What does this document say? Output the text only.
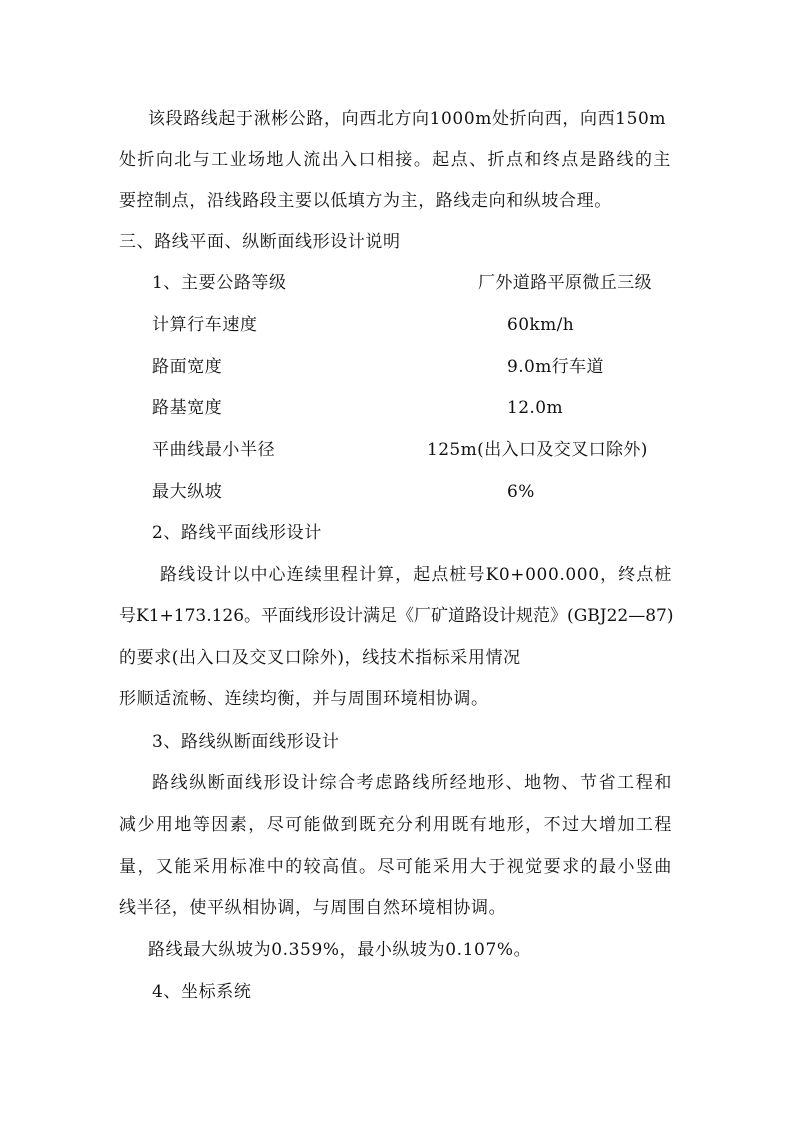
该段路线起于湫彬公路，向西北方向1000m处折向西，向西150m
处折向北与工业场地人流出入口相接。起点、折点和终点是路线的主
要控制点，沿线路段主要以低填方为主，路线走向和纵坡合理。
三、路线平面、纵断面线形设计说明
1、主要公路等级	厂外道路平原微丘三级
计算行车速度	60km/h
路面宽度	9.0m行车道
路基宽度	12.0m
平曲线最小半径	125m(出入口及交叉口除外)
最大纵坡	6%
2、路线平面线形设计
路线设计以中心连续里程计算，起点桩号K0+000.000，终点桩
号K1+173.126。平面线形设计满足《厂矿道路设计规范》(GBJ22—87)
的要求(出入口及交叉口除外)，线技术指标采用情况
形顺适流畅、连续均衡，并与周围环境相协调。
3、路线纵断面线形设计
路线纵断面线形设计综合考虑路线所经地形、地物、节省工程和
减少用地等因素，尽可能做到既充分利用既有地形，不过大增加工程
量，又能采用标准中的较高值。尽可能采用大于视觉要求的最小竖曲
线半径，使平纵相协调，与周围自然环境相协调。
路线最大纵坡为0.359%，最小纵坡为0.107%。
4、坐标系统
